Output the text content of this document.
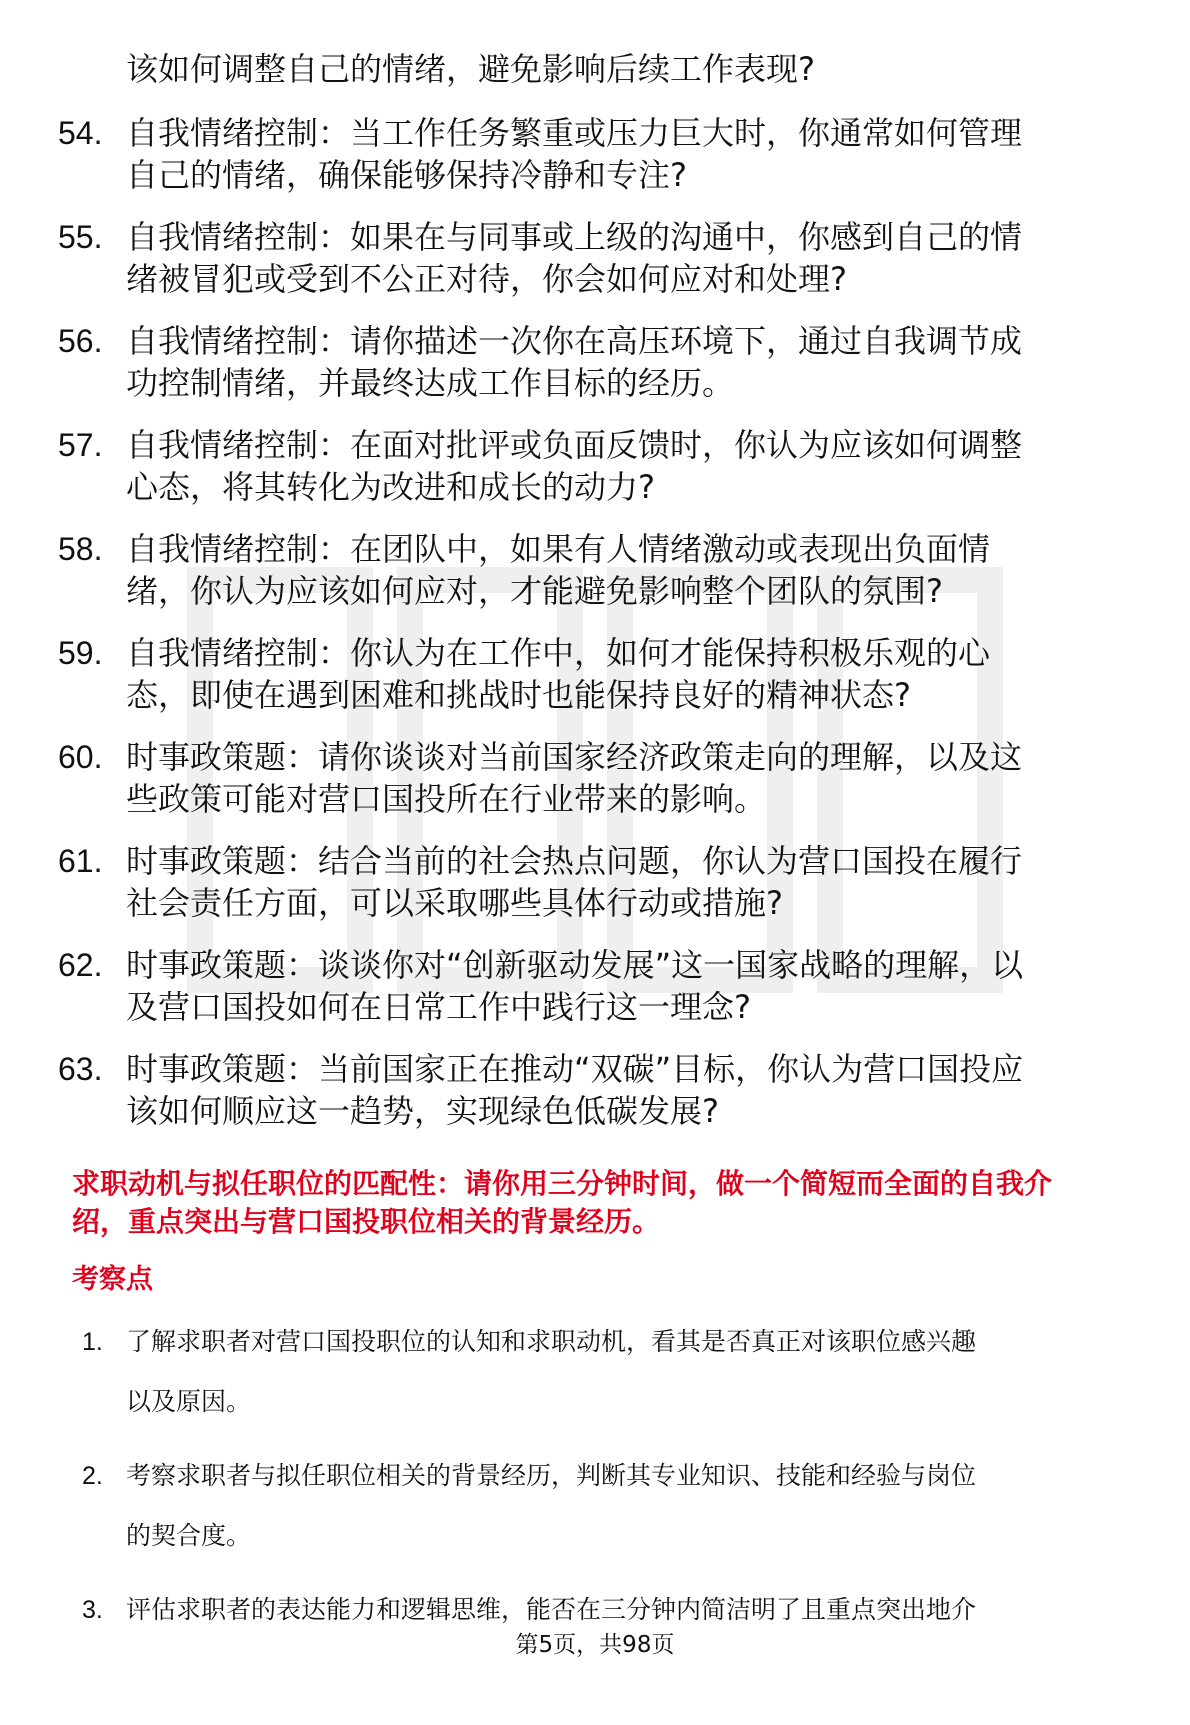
该如何调整自己的情绪，避免影响后续工作表现?
54. 自我情绪控制：当工作任务繁重或压力巨大时，你通常如何管理
自己的情绪，确保能够保持冷静和专注?
55. 自我情绪控制：如果在与同事或上级的沟通中，你感到自己的情
绪被冒犯或受到不公正对待，你会如何应对和处理?
56. 自我情绪控制：请你描述一次你在高压环境下，通过自我调节成
功控制情绪，并最终达成工作目标的经历。
57. 自我情绪控制：在面对批评或负面反馈时，你认为应该如何调整
心态，将其转化为改进和成长的动力?
58. 自我情绪控制：在团队中，如果有人情绪激动或表现出负面情
绪，你认为应该如何应对，才能避免影响整个团队的氛围?
59. 自我情绪控制：你认为在工作中，如何才能保持积极乐观的心
态，即使在遇到困难和挑战时也能保持良好的精神状态?
60. 时事政策题：请你谈谈对当前国家经济政策走向的理解，以及这
些政策可能对营口国投所在行业带来的影响。
61. 时事政策题：结合当前的社会热点问题，你认为营口国投在履行
社会责任方面，可以采取哪些具体行动或措施?
62. 时事政策题：谈谈你对“创新驱动发展”这一国家战略的理解，以
及营口国投如何在日常工作中践行这一理念?
63. 时事政策题：当前国家正在推动“双碳”目标，你认为营口国投应
该如何顺应这一趋势，实现绿色低碳发展?
求职动机与拟任职位的匹配性：请你用三分钟时间，做一个简短而全面的自我介
绍，重点突出与营口国投职位相关的背景经历。
考察点
1. 了解求职者对营口国投职位的认知和求职动机，看其是否真正对该职位感兴趣
以及原因。
2. 考察求职者与拟任职位相关的背景经历，判断其专业知识、技能和经验与岗位
的契合度。
3. 评估求职者的表达能力和逻辑思维，能否在三分钟内简洁明了且重点突出地介
第5页，共98页
